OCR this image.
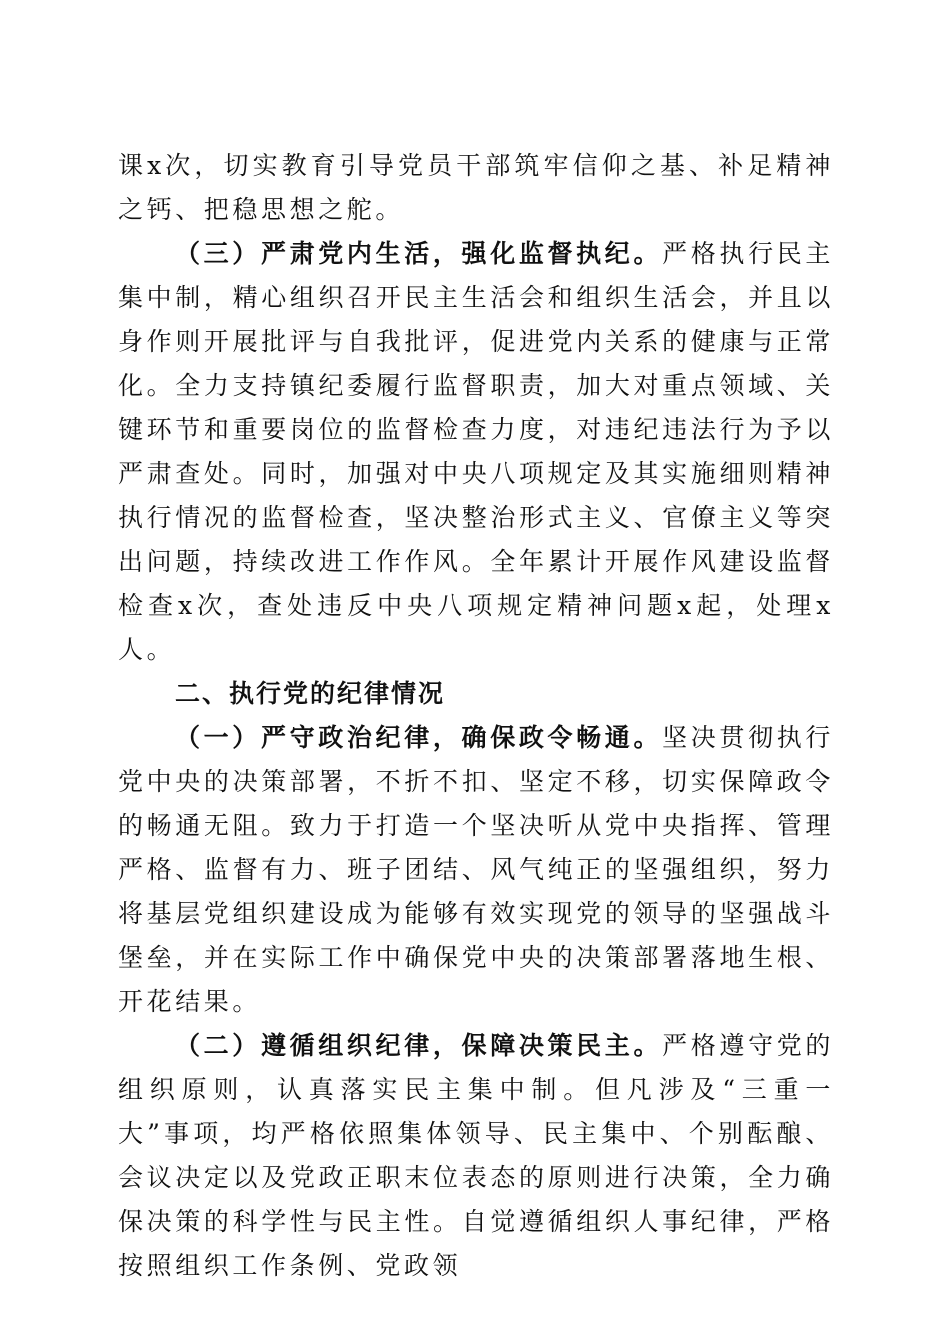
课x次，切实教育引导党员干部筑牢信仰之基、补足精神之钙、把稳思想之舵。

（三）严肃党内生活，强化监督执纪。严格执行民主集中制，精心组织召开民主生活会和组织生活会，并且以身作则开展批评与自我批评，促进党内关系的健康与正常化。全力支持镇纪委履行监督职责，加大对重点领域、关键环节和重要岗位的监督检查力度，对违纪违法行为予以严肃查处。同时，加强对中央八项规定及其实施细则精神执行情况的监督检查，坚决整治形式主义、官僚主义等突出问题，持续改进工作作风。全年累计开展作风建设监督检查x次，查处违反中央八项规定精神问题x起，处理x人。

二、执行党的纪律情况

（一）严守政治纪律，确保政令畅通。坚决贯彻执行党中央的决策部署，不折不扣、坚定不移，切实保障政令的畅通无阻。致力于打造一个坚决听从党中央指挥、管理严格、监督有力、班子团结、风气纯正的坚强组织，努力将基层党组织建设成为能够有效实现党的领导的坚强战斗堡垒，并在实际工作中确保党中央的决策部署落地生根、开花结果。

（二）遵循组织纪律，保障决策民主。严格遵守党的组织原则，认真落实民主集中制。但凡涉及“三重一大”事项，均严格依照集体领导、民主集中、个别酝酿、会议决定以及党政正职末位表态的原则进行决策，全力确保决策的科学性与民主性。自觉遵循组织人事纪律，严格按照组织工作条例、党政领
